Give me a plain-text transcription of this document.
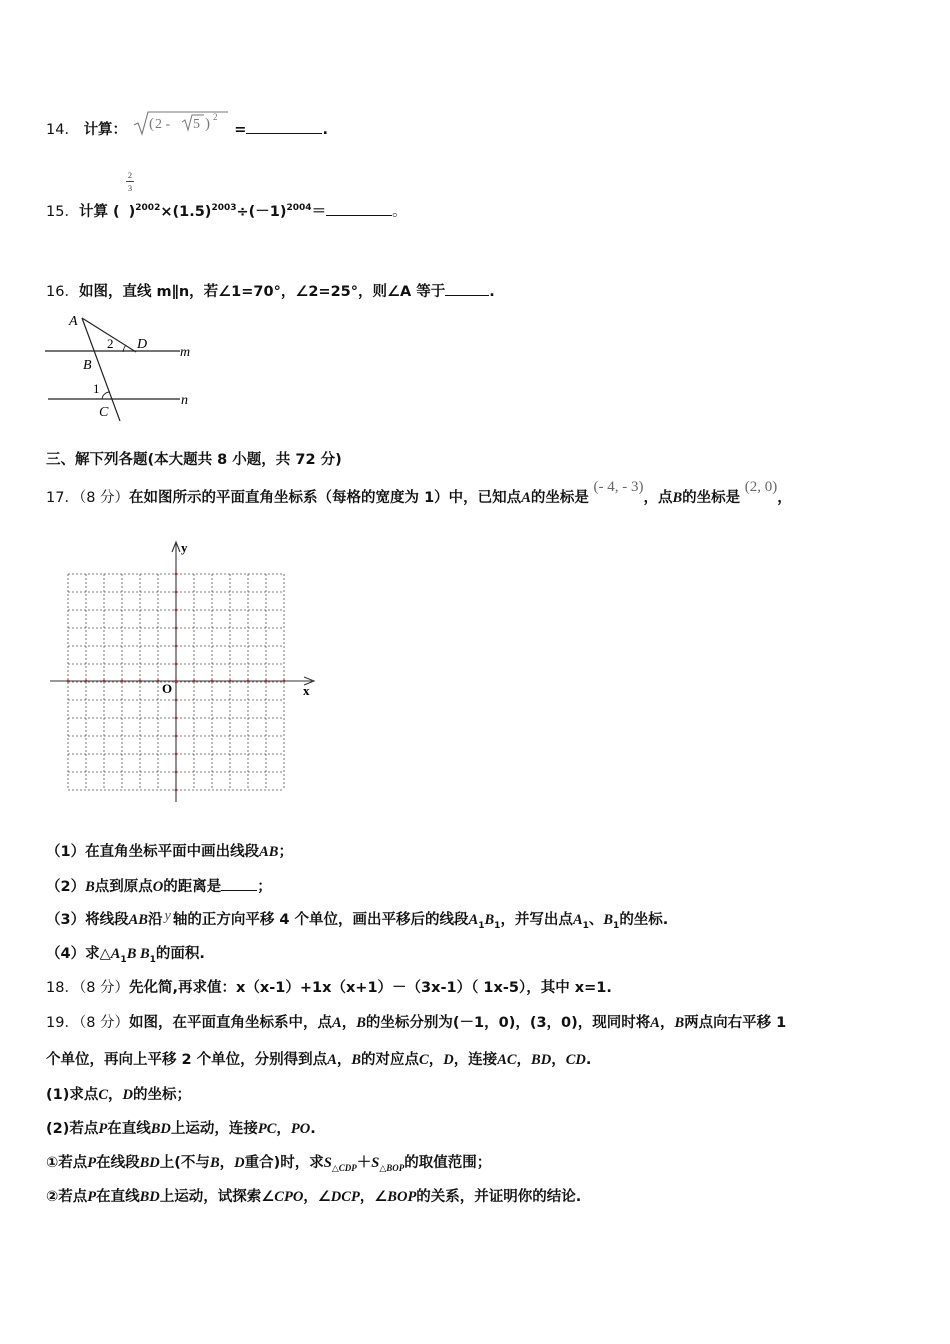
14． 计算： ( 2 - 5 ) 2
=	.
2
3
15．计算 ( )$^{2002}\times(1.5)^{2003}\div(-1)^{2004}=$	。
16．如图，直线 m∥n，若∠1=70°，∠2=25°，则∠A 等于	.
A
B
C
D
2
1
m
n
三、解下列各题(本大题共 8 小题，共 72 分)
17．（8 分）在如图所示的平面直角坐标系（每格的宽度为 1）中，已知点A的坐标是 (- 4, - 3)，点B的坐标是 (2, 0)，
x
y
O
（1）在直角坐标平面中画出线段AB；
（2）B点到原点O的距离是 ；
（3）将线段AB沿 y 轴的正方向平移 4 个单位，画出平移后的线段$A_1B_1$，并写出点$A_1$、$B_1$的坐标.
（4）求$\triangle A_1B$ $B_1$的面积.
18．（8 分）先化简,再求值：x（x-1）+1x（x+1）－（3x-1）（ 1x-5），其中 x=1.
19．（8 分）如图，在平面直角坐标系中，点A，B的坐标分别为(－1，0)，(3，0)，现同时将A，B两点向右平移 1
个单位，再向上平移 2 个单位，分别得到点A，B的对应点C，D，连接AC，BD，CD.
(1)求点C，D的坐标；
(2)若点P在直线BD上运动，连接PC，PO.
①若点P在线段BD上(不与B，D重合)时，求$S_{\triangle CDP}+S_{\triangle BOP}$的取值范围；
②若点P在直线BD上运动，试探索∠CPO，∠DCP，∠BOP的关系，并证明你的结论.
